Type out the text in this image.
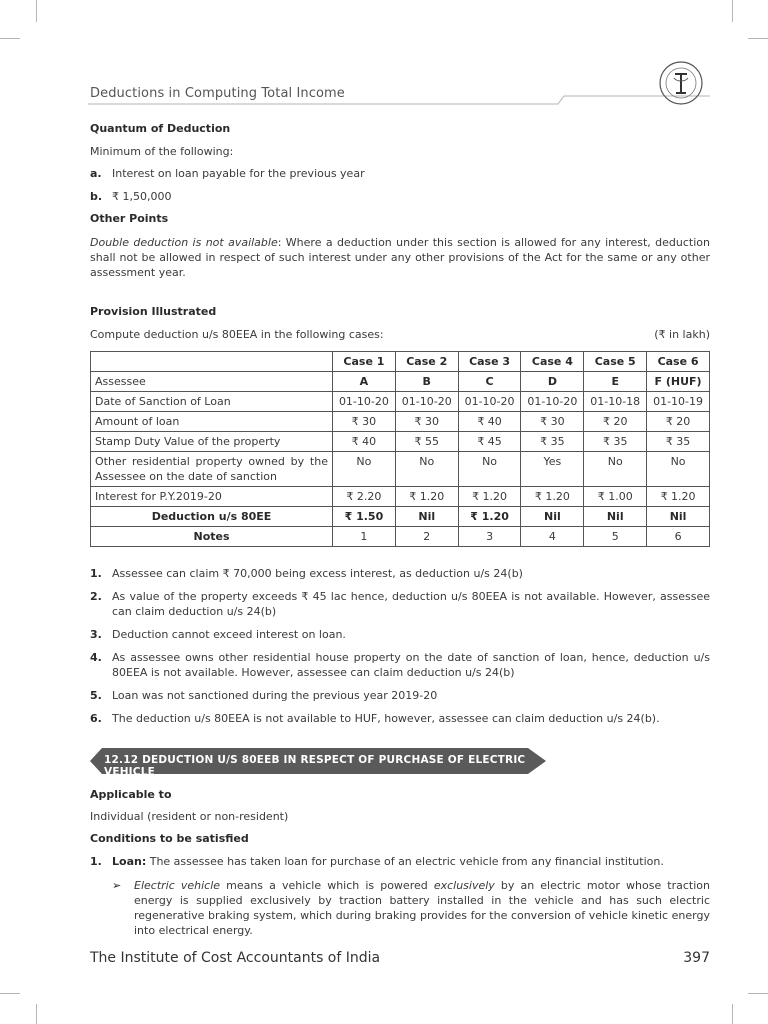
Deductions in Computing Total Income
Quantum of Deduction
Minimum of the following:
a. Interest on loan payable for the previous year
b. ₹ 1,50,000
Other Points
Double deduction is not available: Where a deduction under this section is allowed for any interest, deduction shall not be allowed in respect of such interest under any other provisions of the Act for the same or any other assessment year.
Provision Illustrated
Compute deduction u/s 80EEA in the following cases:	(₹ in lakh)
	Case 1	Case 2	Case 3	Case 4	Case 5	Case 6
Assessee	A	B	C	D	E	F (HUF)
Date of Sanction of Loan	01-10-20	01-10-20	01-10-20	01-10-20	01-10-18	01-10-19
Amount of loan	₹ 30	₹ 30	₹ 40	₹ 30	₹ 20	₹ 20
Stamp Duty Value of the property	₹ 40	₹ 55	₹ 45	₹ 35	₹ 35	₹ 35
Other residential property owned by the Assessee on the date of sanction	No	No	No	Yes	No	No
Interest for P.Y.2019-20	₹ 2.20	₹ 1.20	₹ 1.20	₹ 1.20	₹ 1.00	₹ 1.20
Deduction u/s 80EE	₹ 1.50	Nil	₹ 1.20	Nil	Nil	Nil
Notes	1	2	3	4	5	6
1. Assessee can claim ₹ 70,000 being excess interest, as deduction u/s 24(b)
2. As value of the property exceeds ₹ 45 lac hence, deduction u/s 80EEA is not available. However, assessee can claim deduction u/s 24(b)
3. Deduction cannot exceed interest on loan.
4. As assessee owns other residential house property on the date of sanction of loan, hence, deduction u/s 80EEA is not available. However, assessee can claim deduction u/s 24(b)
5. Loan was not sanctioned during the previous year 2019-20
6. The deduction u/s 80EEA is not available to HUF, however, assessee can claim deduction u/s 24(b).
12.12 DEDUCTION U/S 80EEB IN RESPECT OF PURCHASE OF ELECTRIC VEHICLE
Applicable to
Individual (resident or non-resident)
Conditions to be satisfied
1. Loan: The assessee has taken loan for purchase of an electric vehicle from any financial institution.
➢ Electric vehicle means a vehicle which is powered exclusively by an electric motor whose traction energy is supplied exclusively by traction battery installed in the vehicle and has such electric regenerative braking system, which during braking provides for the conversion of vehicle kinetic energy into electrical energy.
The Institute of Cost Accountants of India	397
